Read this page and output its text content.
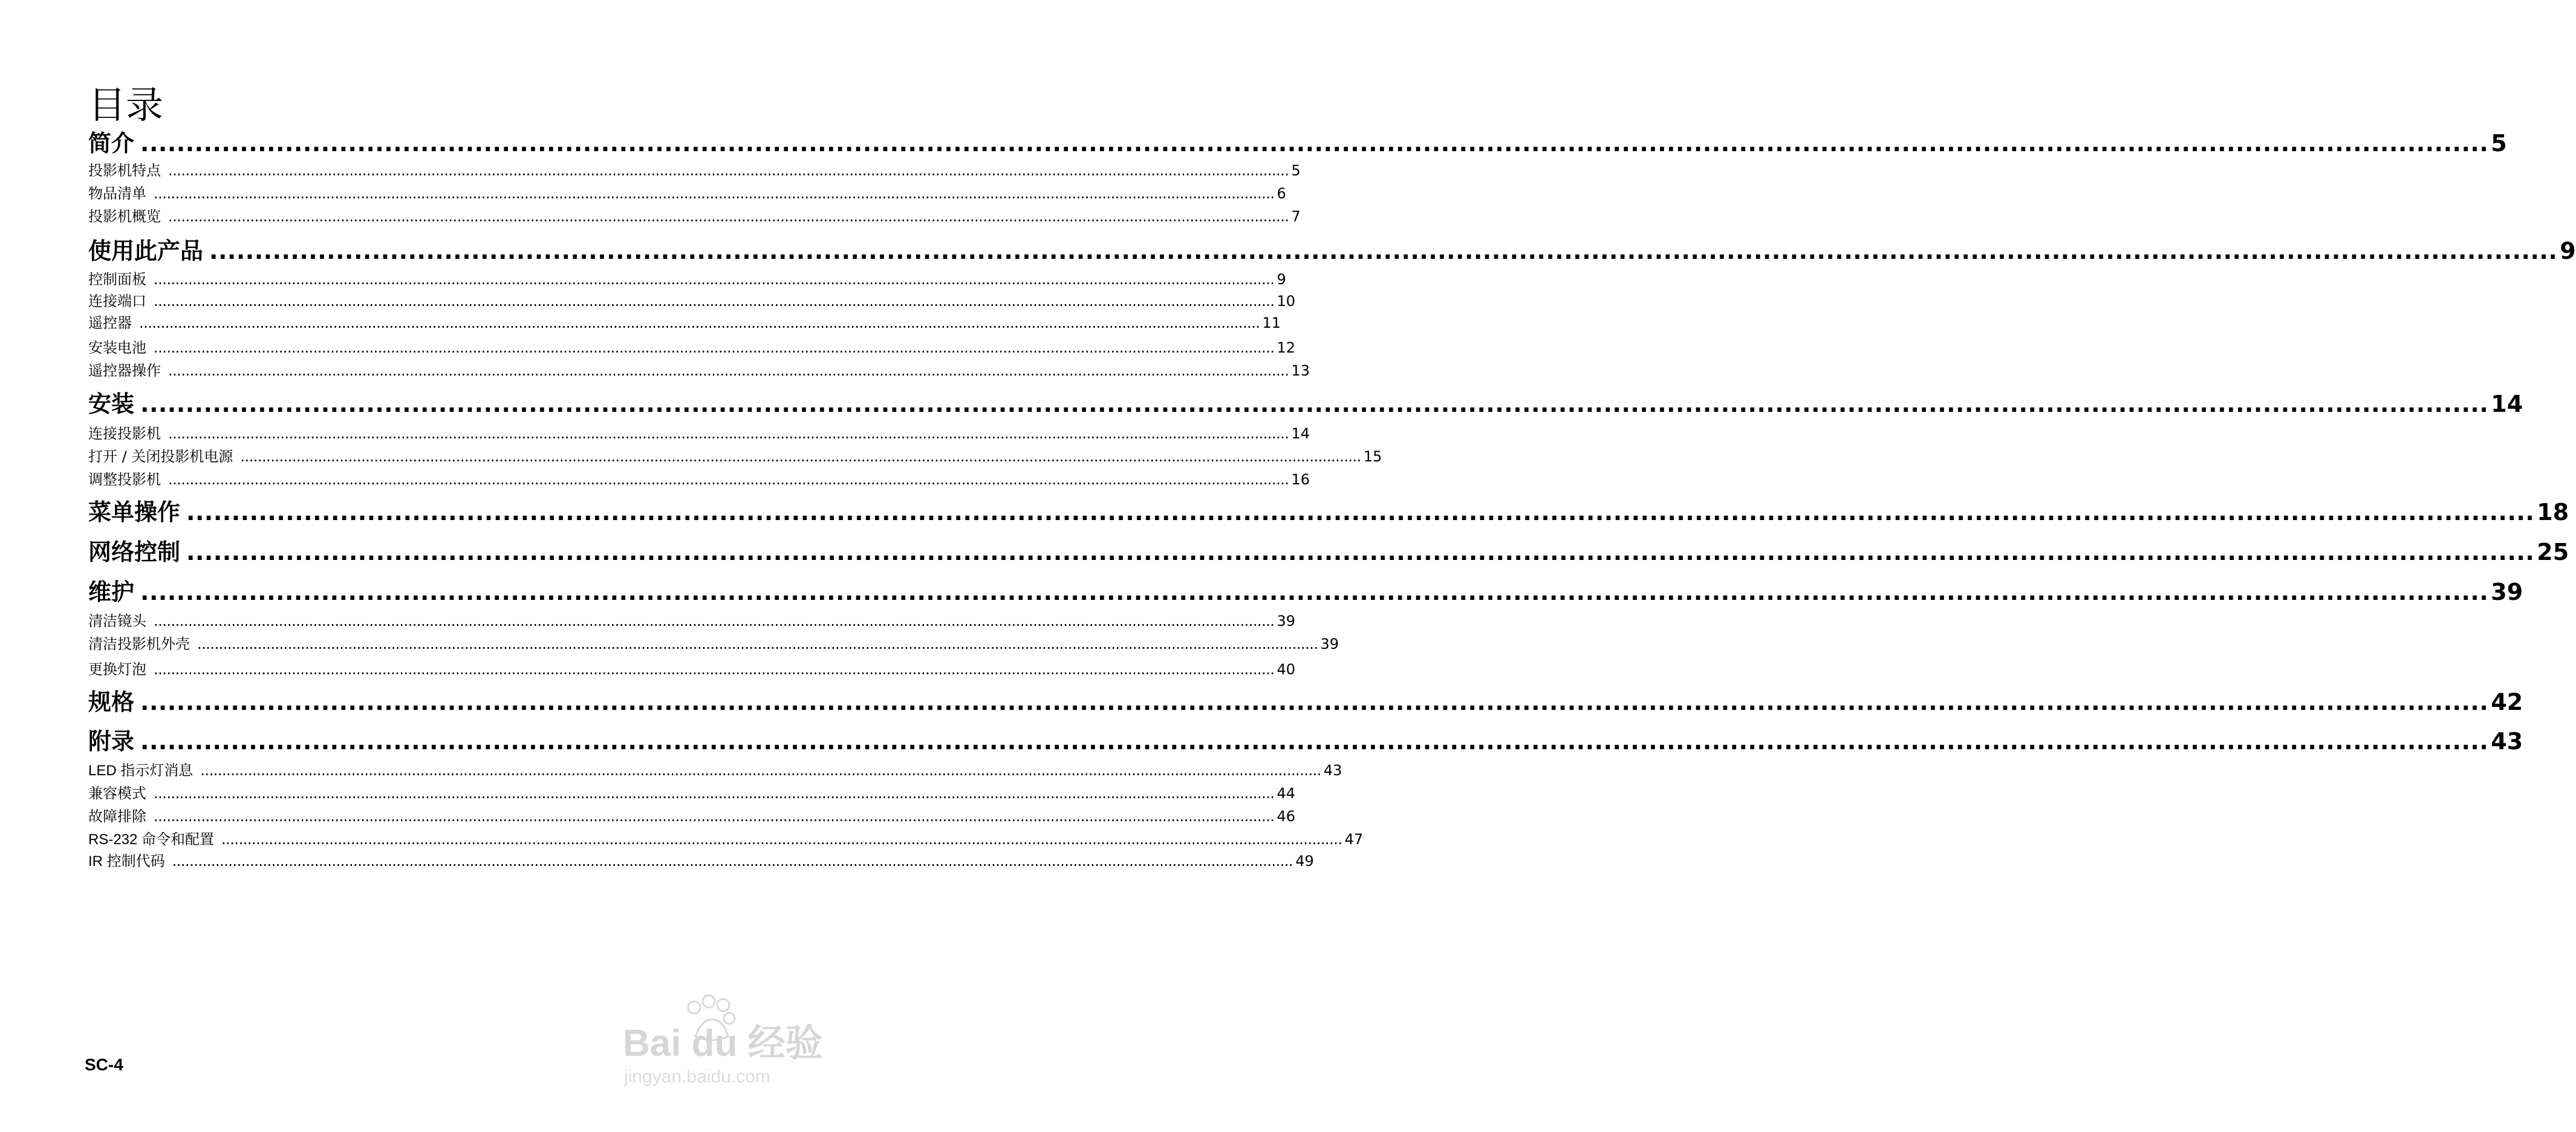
目录
简介 .................................................................................................................................................................................................................................................................... 5
投影机特点 .................................................................................................................................................................................................................................................................... 5
物品清单 .................................................................................................................................................................................................................................................................... 6
投影机概览 .................................................................................................................................................................................................................................................................... 7
使用此产品 .................................................................................................................................................................................................................................................................... 9
控制面板 .................................................................................................................................................................................................................................................................... 9
连接端口 .................................................................................................................................................................................................................................................................... 10
遥控器 .................................................................................................................................................................................................................................................................... 11
安装电池 .................................................................................................................................................................................................................................................................... 12
遥控器操作 .................................................................................................................................................................................................................................................................... 13
安装 .................................................................................................................................................................................................................................................................... 14
连接投影机 .................................................................................................................................................................................................................................................................... 14
打开 / 关闭投影机电源 .................................................................................................................................................................................................................................................................... 15
调整投影机 .................................................................................................................................................................................................................................................................... 16
菜单操作 .................................................................................................................................................................................................................................................................... 18
网络控制 .................................................................................................................................................................................................................................................................... 25
维护 .................................................................................................................................................................................................................................................................... 39
清洁镜头 .................................................................................................................................................................................................................................................................... 39
清洁投影机外壳 .................................................................................................................................................................................................................................................................... 39
更换灯泡 .................................................................................................................................................................................................................................................................... 40
规格 .................................................................................................................................................................................................................................................................... 42
附录 .................................................................................................................................................................................................................................................................... 43
LED 指示灯消息 .................................................................................................................................................................................................................................................................... 43
兼容模式 .................................................................................................................................................................................................................................................................... 44
故障排除 .................................................................................................................................................................................................................................................................... 46
RS-232 命令和配置 .................................................................................................................................................................................................................................................................... 47
IR 控制代码 .................................................................................................................................................................................................................................................................... 49
SC-4
Bai du 经验
jingyan.baidu.com
